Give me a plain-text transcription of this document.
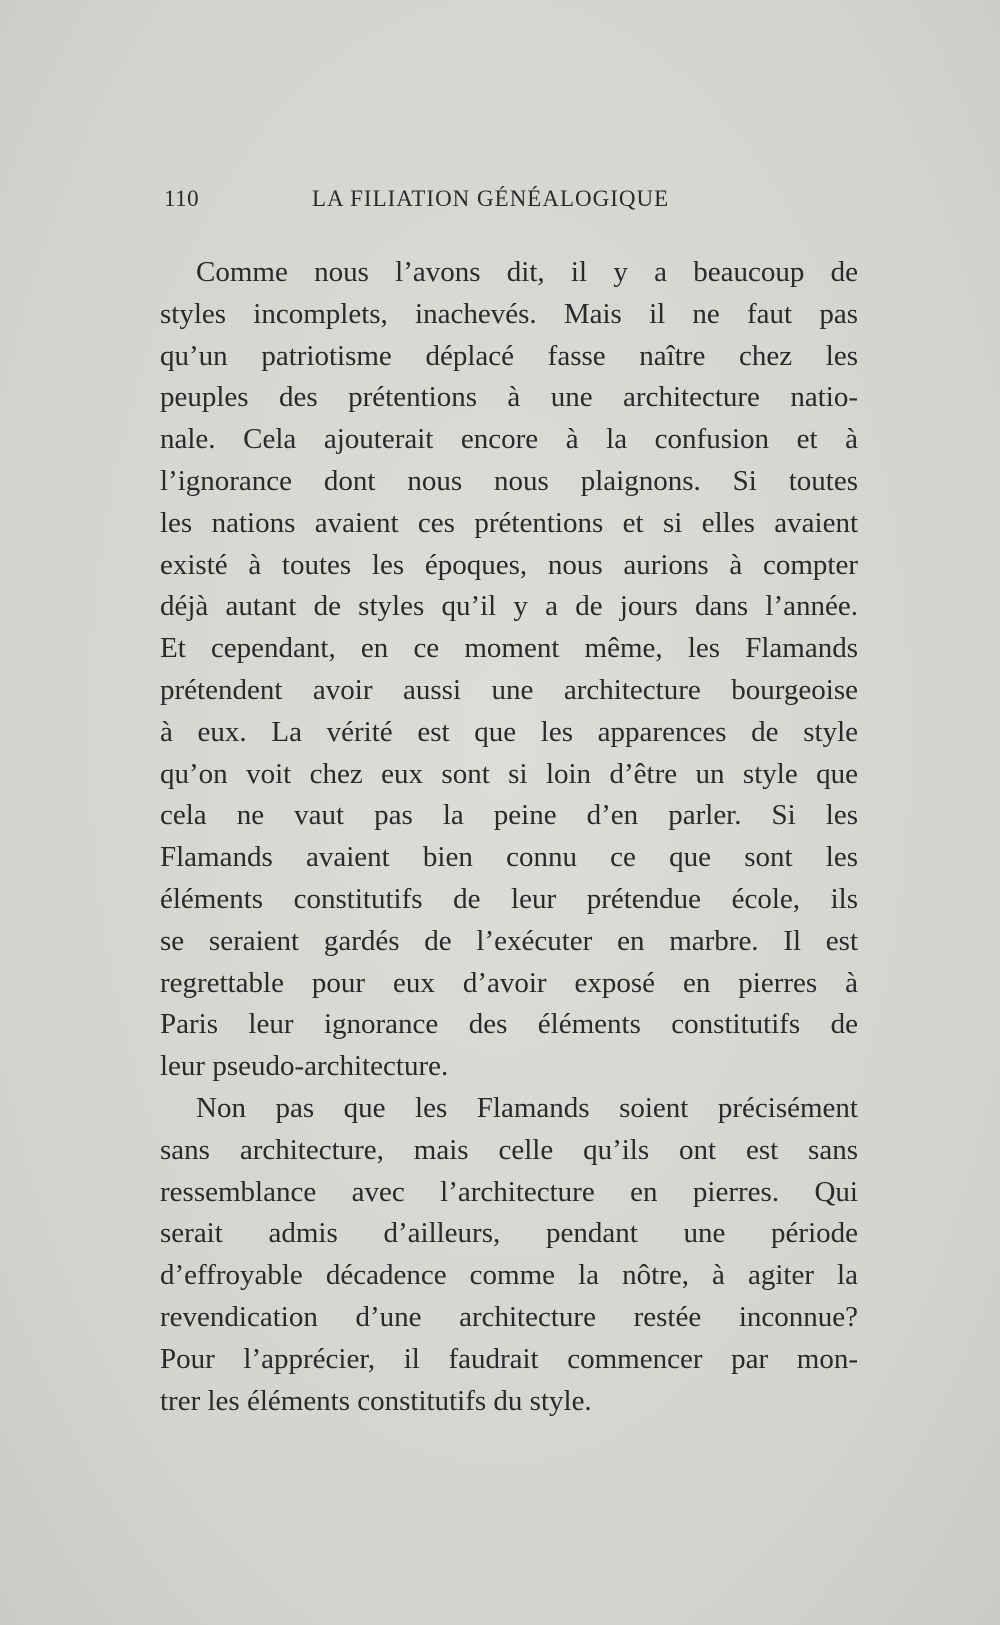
110	LA FILIATION GÉNÉALOGIQUE
Comme nous l’avons dit, il y a beaucoup de
styles incomplets, inachevés. Mais il ne faut pas
qu’un patriotisme déplacé fasse naître chez les
peuples des prétentions à une architecture natio-
nale. Cela ajouterait encore à la confusion et à
l’ignorance dont nous nous plaignons. Si toutes
les nations avaient ces prétentions et si elles avaient
existé à toutes les époques, nous aurions à compter
déjà autant de styles qu’il y a de jours dans l’année.
Et cependant, en ce moment même, les Flamands
prétendent avoir aussi une architecture bourgeoise
à eux. La vérité est que les apparences de style
qu’on voit chez eux sont si loin d’être un style que
cela ne vaut pas la peine d’en parler. Si les
Flamands avaient bien connu ce que sont les
éléments constitutifs de leur prétendue école, ils
se seraient gardés de l’exécuter en marbre. Il est
regrettable pour eux d’avoir exposé en pierres à
Paris leur ignorance des éléments constitutifs de
leur pseudo-architecture.
Non pas que les Flamands soient précisément
sans architecture, mais celle qu’ils ont est sans
ressemblance avec l’architecture en pierres. Qui
serait admis d’ailleurs, pendant une période
d’effroyable décadence comme la nôtre, à agiter la
revendication d’une architecture restée inconnue?
Pour l’apprécier, il faudrait commencer par mon-
trer les éléments constitutifs du style.
